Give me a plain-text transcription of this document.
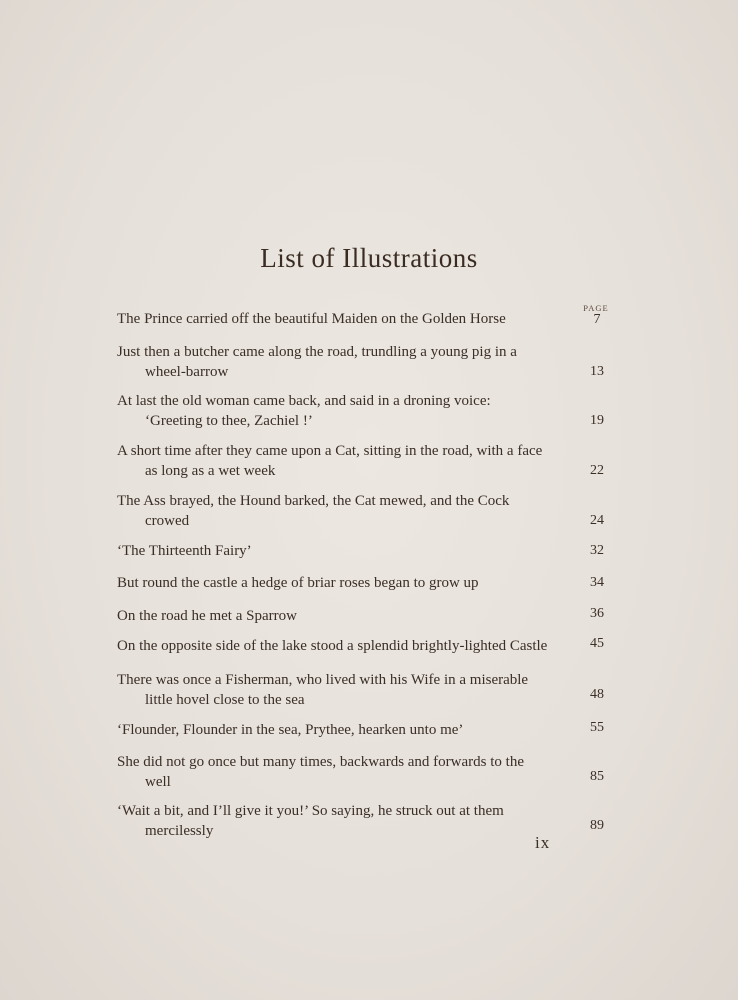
List of Illustrations
PAGE
The Prince carried off the beautiful Maiden on the Golden Horse	7
Just then a butcher came along the road, trundling a young pig in a
wheel-barrow	13
At last the old woman came back, and said in a droning voice:
‘Greeting to thee, Zachiel !’	19
A short time after they came upon a Cat, sitting in the road, with a face
as long as a wet week	22
The Ass brayed, the Hound barked, the Cat mewed, and the Cock
crowed	24
‘The Thirteenth Fairy’	32
But round the castle a hedge of briar roses began to grow up	34
On the road he met a Sparrow	36
On the opposite side of the lake stood a splendid brightly-lighted Castle	45
There was once a Fisherman, who lived with his Wife in a miserable
little hovel close to the sea	48
‘Flounder, Flounder in the sea, Prythee, hearken unto me’	55
She did not go once but many times, backwards and forwards to the
well	85
‘Wait a bit, and I’ll give it you!’ So saying, he struck out at them
mercilessly	89
ix
